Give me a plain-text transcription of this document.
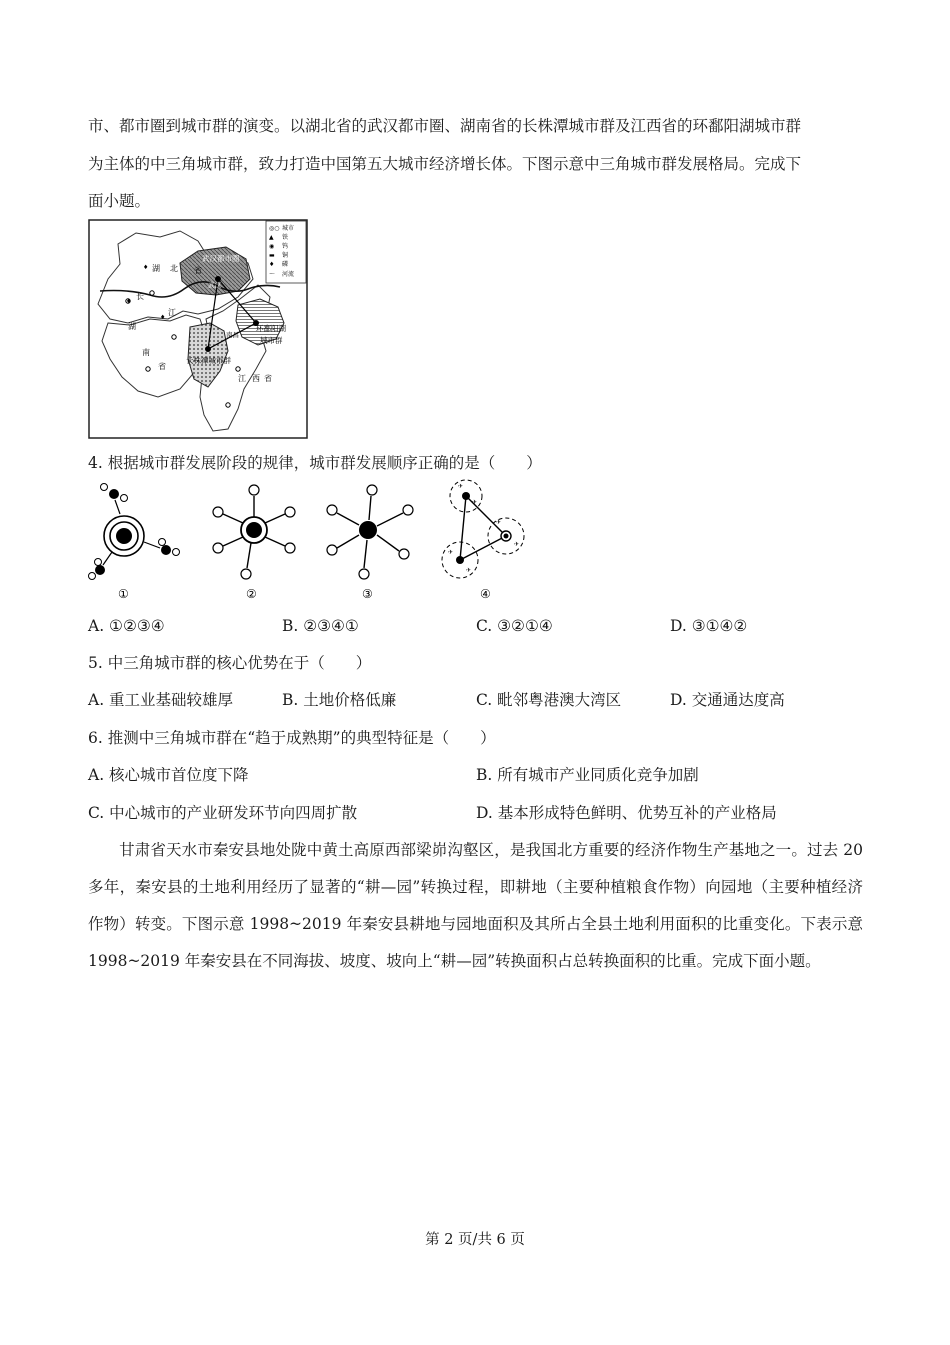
市、都市圈到城市群的演变。以湖北省的武汉都市圈、湖南省的长株潭城市群及江西省的环鄱阳湖城市群
为主体的中三角城市群，致力打造中国第五大城市经济增长体。下图示意中三角城市群发展格局。完成下
面小题。
♦
♦
♦
◎○
▲
◉
▬
♦
〜
城市
铁
钨
铜
磷
河流
湖 北 省
武汉都市圈
武汉
长
江
南昌
环鄱阳湖
城市群
湖
南
省
长株潭城市群
江 西 省
4. 根据城市群发展阶段的规律，城市群发展顺序正确的是（　　）
①	②	③
✈
✈
✈
✈
✈
✈
④
A. ①②③④	B. ②③④①	C. ③②①④	D. ③①④②
5. 中三角城市群的核心优势在于（　　）
A. 重工业基础较雄厚	B. 土地价格低廉	C. 毗邻粤港澳大湾区	D. 交通通达度高
6. 推测中三角城市群在“趋于成熟期”的典型特征是（　　）
A. 核心城市首位度下降	B. 所有城市产业同质化竞争加剧
C. 中心城市的产业研发环节向四周扩散	D. 基本形成特色鲜明、优势互补的产业格局
甘肃省天水市秦安县地处陇中黄土高原西部梁峁沟壑区，是我国北方重要的经济作物生产基地之一。过去 20 多年，秦安县的土地利用经历了显著的“耕—园”转换过程，即耕地（主要种植粮食作物）向园地（主要种植经济作物）转变。下图示意 1998~2019 年秦安县耕地与园地面积及其所占全县土地利用面积的比重变化。下表示意 1998~2019 年秦安县在不同海拔、坡度、坡向上“耕—园”转换面积占总转换面积的比重。完成下面小题。
第 2 页/共 6 页
